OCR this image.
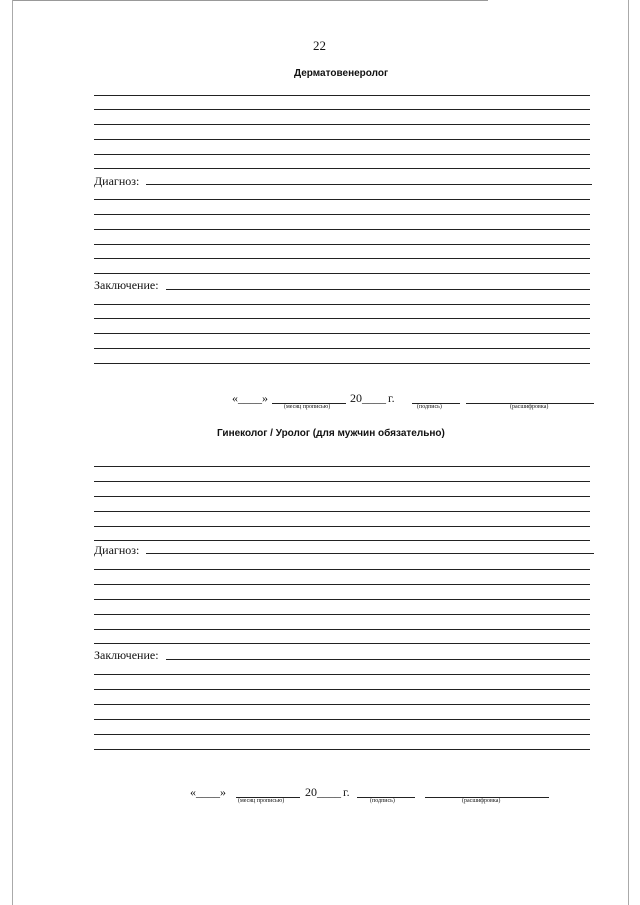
22
Дерматовенеролог
Диагноз:
Заключение:
«____»	20____ г.
(месяц прописью)	(подпись)	(расшифровка)
Гинеколог / Уролог (для мужчин обязательно)
Диагноз:
Заключение:
«____»	20____ г.
(месяц прописью)	(подпись)	(расшифровка)
